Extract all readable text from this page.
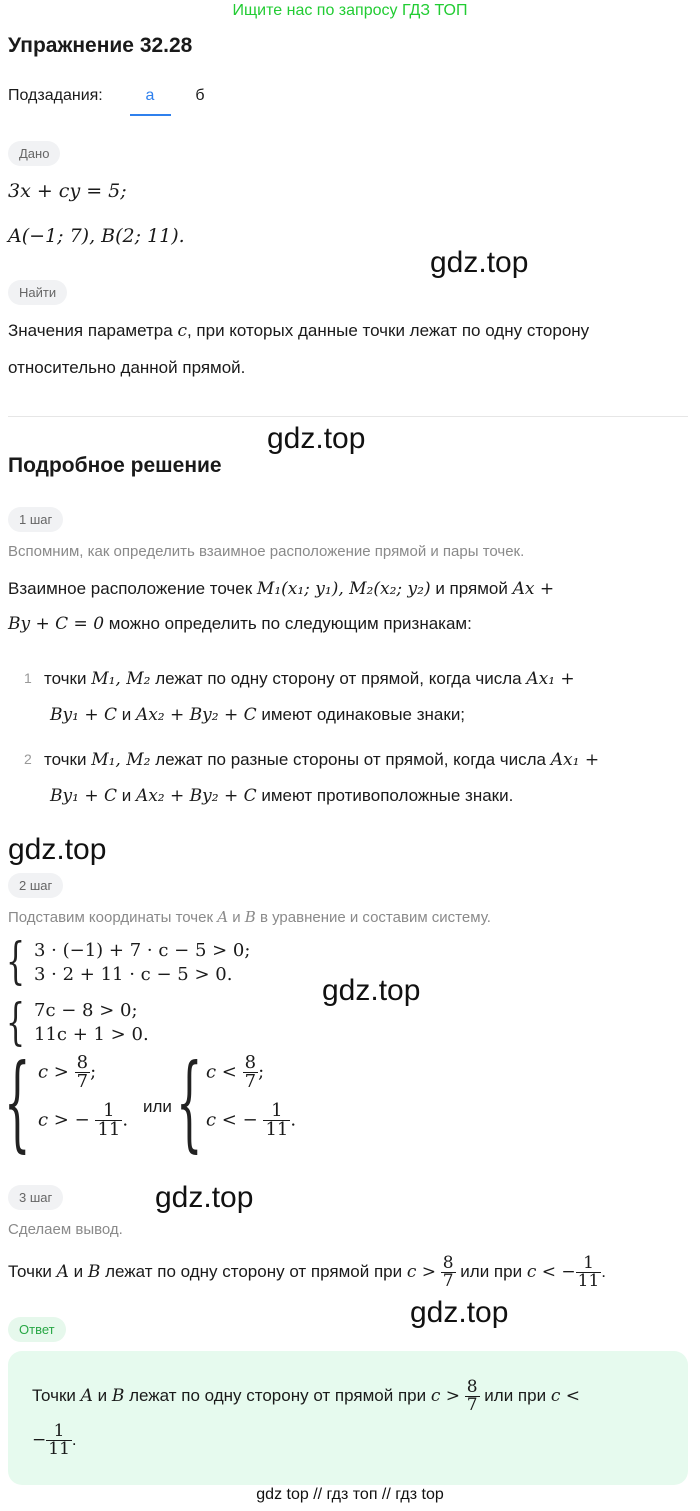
Ищите нас по запросу ГДЗ ТОП
Упражнение 32.28
Подзадания:	а	б
Дано
3x + cy = 5;
A(−1; 7), B(2; 11).
gdz.top
Найти
Значения параметра c, при которых данные точки лежат по одну сторону
относительно данной прямой.
gdz.top
Подробное решение
1 шаг
Вспомним, как определить взаимное расположение прямой и пары точек.
Взаимное расположение точек M₁(x₁; y₁), M₂(x₂; y₂) и прямой Ax +
By + C = 0 можно определить по следующим признакам:
1 точки M₁, M₂ лежат по одну сторону от прямой, когда числа Ax₁ +
By₁ + C и Ax₂ + By₂ + C имеют одинаковые знаки;
2 точки M₁, M₂ лежат по разные стороны от прямой, когда числа Ax₁ +
By₁ + C и Ax₂ + By₂ + C имеют противоположные знаки.
gdz.top
2 шаг
Подставим координаты точек A и B в уравнение и составим систему.
{ 3 · (−1) + 7 · c − 5 > 0;
3 · 2 + 11 · c − 5 > 0.	gdz.top
{ 7c − 8 > 0;
11c + 1 > 0.
{ $c > \frac{8}{7}$ ;
c > − $\frac{1}{11}$ .
или { $c < \frac{8}{7}$ ;
c < − $\frac{1}{11}$ .
3 шаг	gdz.top
Сделаем вывод.
Точки A и B лежат по одну сторону от прямой при $c > \frac{8}{7}$ или при c < − $\frac{1}{11}$ .
gdz.top
Ответ
Точки A и B лежат по одну сторону от прямой при $c > \frac{8}{7}$ или при c <
− $\frac{1}{11}$ .
gdz top // гдз топ // гдз top
